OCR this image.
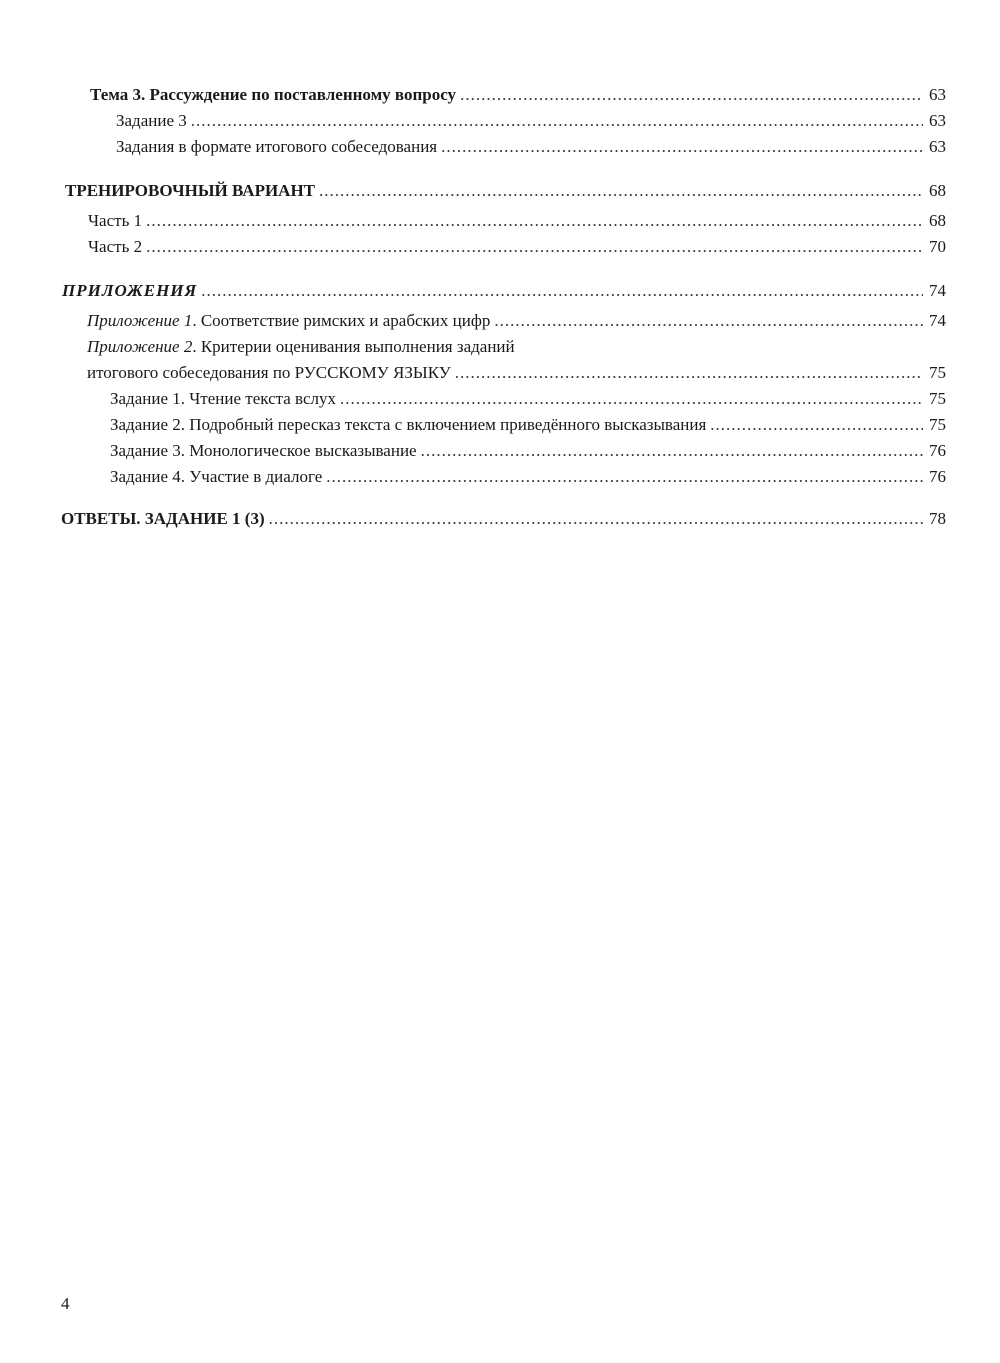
Тема 3. Рассуждение по поставленному вопросу .....	63
Задание 3 .....	63
Задания в формате итогового собеседования .....	63
ТРЕНИРОВОЧНЫЙ ВАРИАНТ .....	68
Часть 1 .....	68
Часть 2 .....	70
ПРИЛОЖЕНИЯ .....	74
Приложение 1. Соответствие римских и арабских цифр .....	74
Приложение 2. Критерии оценивания выполнения заданий
итогового собеседования по РУССКОМУ ЯЗЫКУ .....	75
Задание 1. Чтение текста вслух .....	75
Задание 2. Подробный пересказ текста с включением приведённого высказывания .....	75
Задание 3. Монологическое высказывание .....	76
Задание 4. Участие в диалоге .....	76
ОТВЕТЫ. ЗАДАНИЕ 1 (3) .....	78
4
